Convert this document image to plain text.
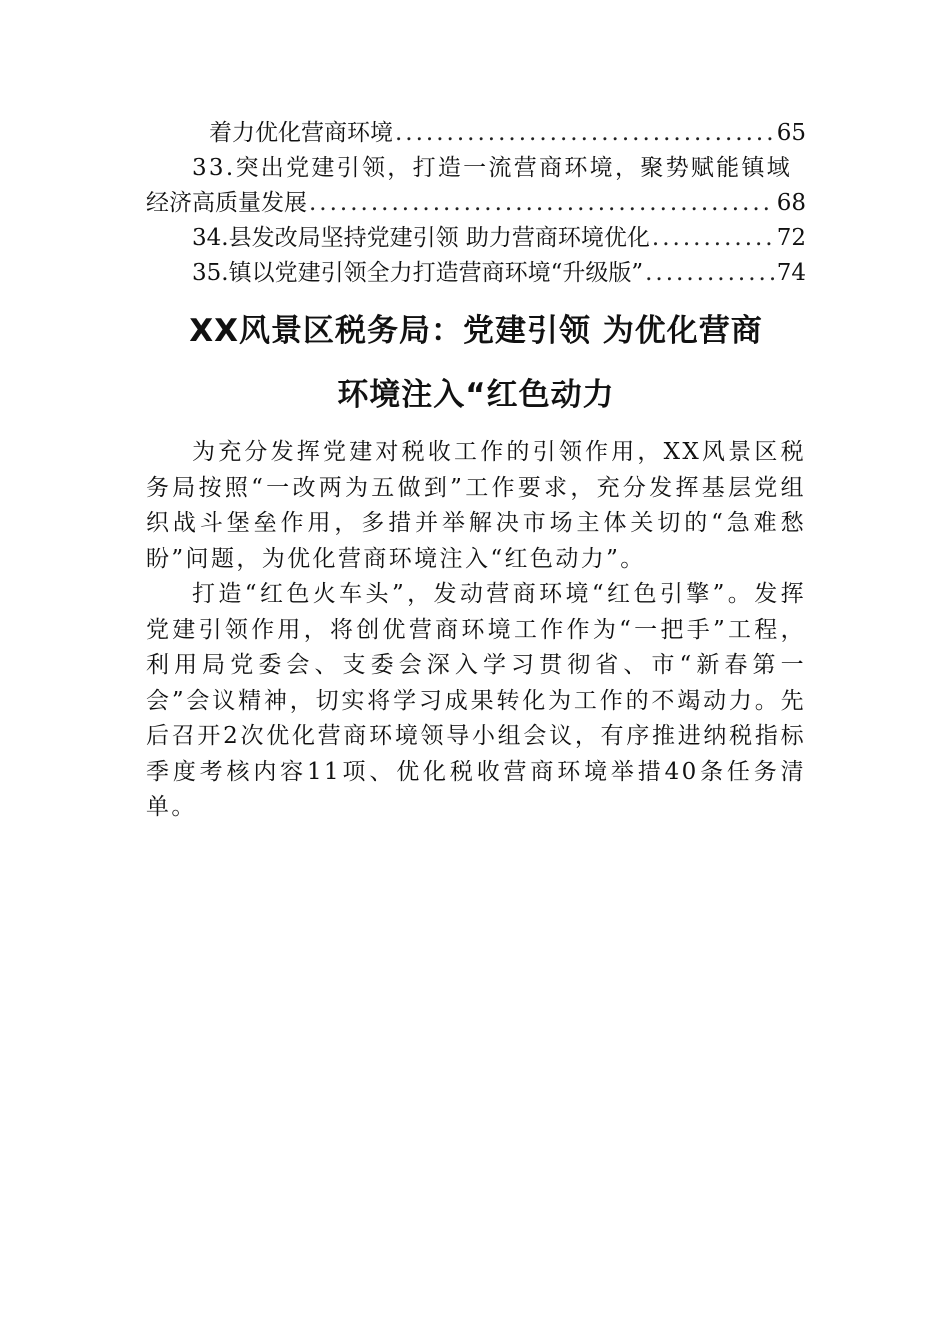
着力优化营商环境 .....	65
33.突出党建引领，打造一流营商环境，聚势赋能镇域
经济高质量发展 .....	68
34.县发改局坚持党建引领 助力营商环境优化 .....	72
35.镇以党建引领全力打造营商环境“升级版” .....	74
XX风景区税务局：党建引领 为优化营商
环境注入“红色动力

为充分发挥党建对税收工作的引领作用，XX风景区税务局按照“一改两为五做到”工作要求，充分发挥基层党组织战斗堡垒作用，多措并举解决市场主体关切的“急难愁盼”问题，为优化营商环境注入“红色动力”。

打造“红色火车头”，发动营商环境“红色引擎”。发挥党建引领作用，将创优营商环境工作作为“一把手”工程，利用局党委会、支委会深入学习贯彻省、市“新春第一会”会议精神，切实将学习成果转化为工作的不竭动力。先后召开2次优化营商环境领导小组会议，有序推进纳税指标季度考核内容11项、优化税收营商环境举措40条任务清单。
